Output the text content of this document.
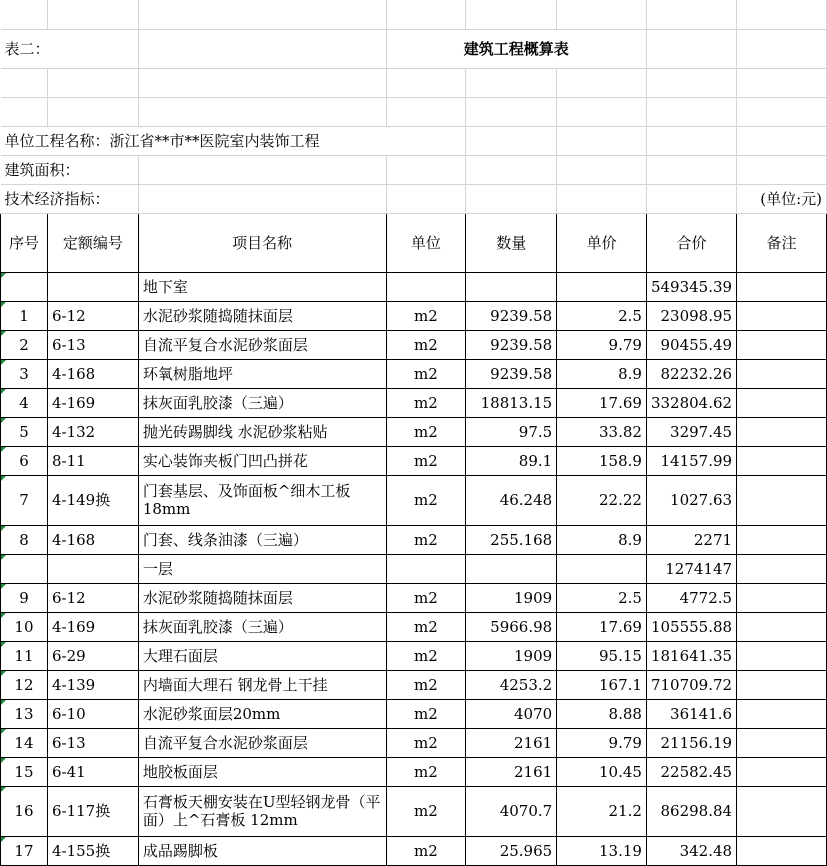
表二：			建筑工程概算表				

单位工程名称：浙江省**市**医院室内装饰工程							
建筑面积：							
技术经济指标：							(单位:元)
序号	定额编号	项目名称	单位	数量	单价	合价	备注
		地下室				549345.39	
1	6-12	水泥砂浆随捣随抹面层	m2	9239.58	2.5	23098.95	
2	6-13	自流平复合水泥砂浆面层	m2	9239.58	9.79	90455.49	
3	4-168	环氧树脂地坪	m2	9239.58	8.9	82232.26	
4	4-169	抹灰面乳胶漆（三遍）	m2	18813.15	17.69	332804.62	
5	4-132	抛光砖踢脚线 水泥砂浆粘贴	m2	97.5	33.82	3297.45	
6	8-11	实心装饰夹板门凹凸拼花	m2	89.1	158.9	14157.99	
7	4-149换	门套基层、及饰面板^细木工板18mm	m2	46.248	22.22	1027.63	
8	4-168	门套、线条油漆（三遍）	m2	255.168	8.9	2271	
		一层				1274147	
9	6-12	水泥砂浆随捣随抹面层	m2	1909	2.5	4772.5	
10	4-169	抹灰面乳胶漆（三遍）	m2	5966.98	17.69	105555.88	
11	6-29	大理石面层	m2	1909	95.15	181641.35	
12	4-139	内墙面大理石 钢龙骨上干挂	m2	4253.2	167.1	710709.72	
13	6-10	水泥砂浆面层20mm	m2	4070	8.88	36141.6	
14	6-13	自流平复合水泥砂浆面层	m2	2161	9.79	21156.19	
15	6-41	地胶板面层	m2	2161	10.45	22582.45	
16	6-117换	石膏板天棚安装在U型轻钢龙骨（平面）上^石膏板 12mm	m2	4070.7	21.2	86298.84	
17	4-155换	成品踢脚板	m2	25.965	13.19	342.48	
